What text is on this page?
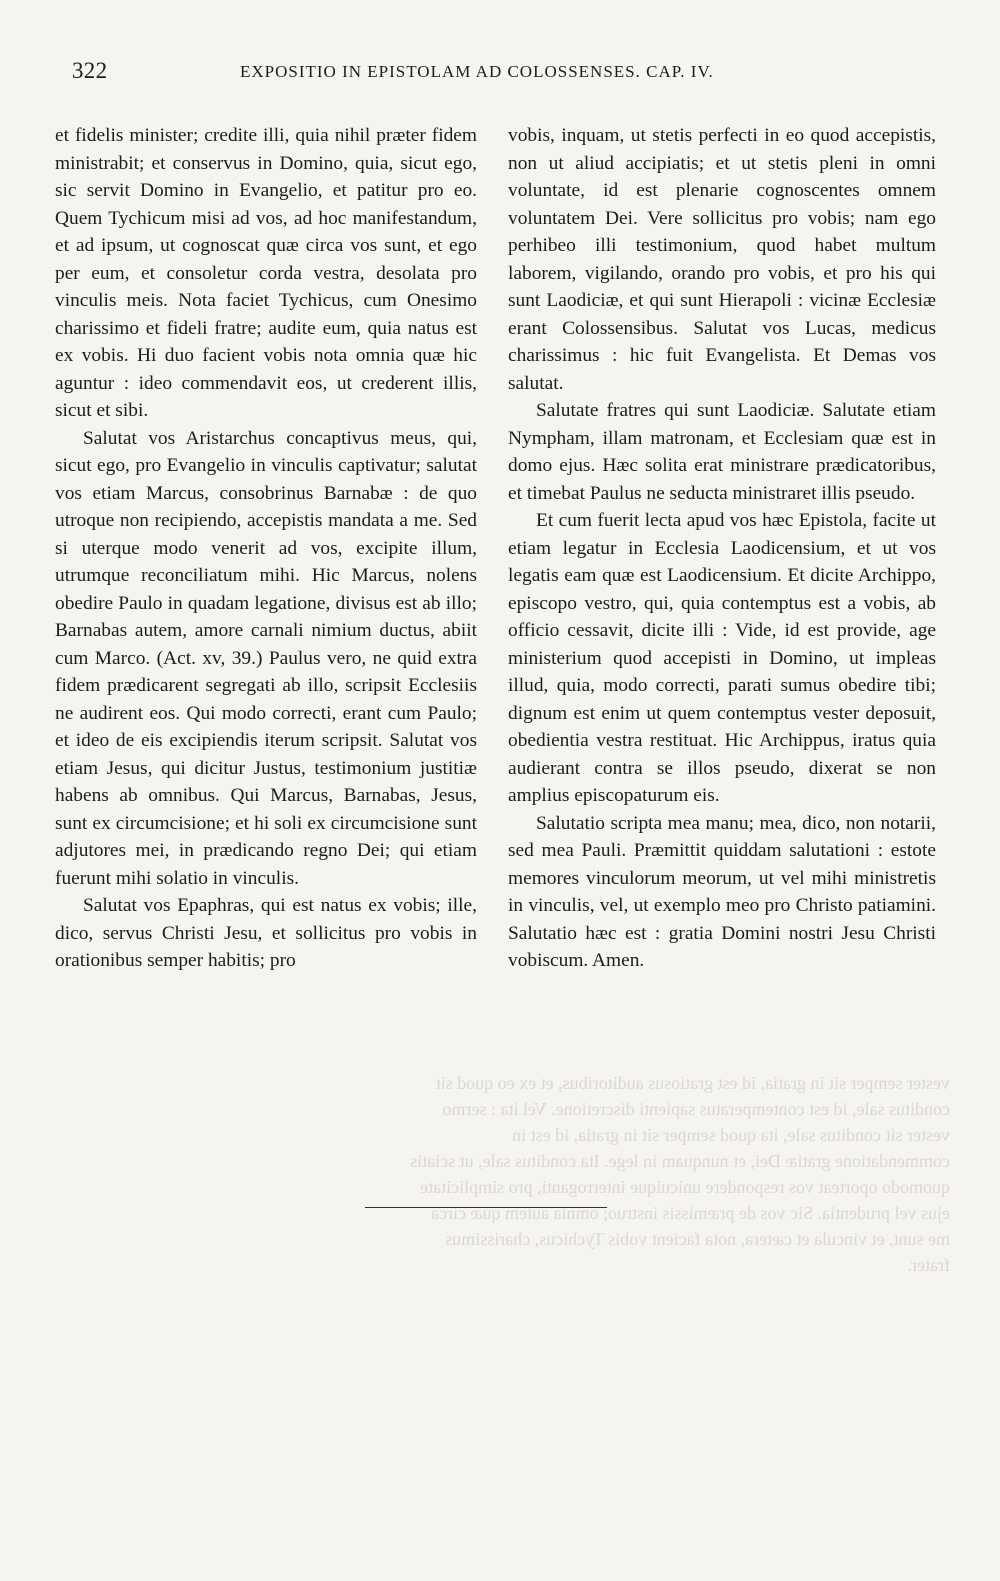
322	EXPOSITIO IN EPISTOLAM AD COLOSSENSES. CAP. IV.
vester semper sit in gratia, id est gratiosus auditoribus, et ex eo quod sit conditus sale, id est contemperatus sapienti discretione. Vel ita : sermo vester sit conditus sale, ita quod semper sit in gratia, id est in commendatione gratiæ Dei, et nunquam in lege. Ita conditus sale, ut sciatis quomodo oporteat vos respondere unicuique interroganti, pro simplicitate ejus vel prudentia. Sic vos de præmissis instruo; omnia autem quæ circa me sunt, et vincula et cætera, nota facient vobis Tychicus, charissimus frater.

et fidelis minister; credite illi, quia nihil præter fidem ministrabit; et conservus in Domino, quia, sicut ego, sic servit Domino in Evangelio, et patitur pro eo. Quem Tychicum misi ad vos, ad hoc manifestandum, et ad ipsum, ut cognoscat quæ circa vos sunt, et ego per eum, et consoletur corda vestra, desolata pro vinculis meis. Nota faciet Tychicus, cum Onesimo charissimo et fideli fratre; audite eum, quia natus est ex vobis. Hi duo facient vobis nota omnia quæ hic aguntur : ideo commendavit eos, ut crederent illis, sicut et sibi.

Salutat vos Aristarchus concaptivus meus, qui, sicut ego, pro Evangelio in vinculis captivatur; salutat vos etiam Marcus, consobrinus Barnabæ : de quo utroque non recipiendo, accepistis mandata a me. Sed si uterque modo venerit ad vos, excipite illum, utrumque reconciliatum mihi. Hic Marcus, nolens obedire Paulo in quadam legatione, divisus est ab illo; Barnabas autem, amore carnali nimium ductus, abiit cum Marco. (Act. xv, 39.) Paulus vero, ne quid extra fidem prædicarent segregati ab illo, scripsit Ecclesiis ne audirent eos. Qui modo correcti, erant cum Paulo; et ideo de eis excipiendis iterum scripsit. Salutat vos etiam Jesus, qui dicitur Justus, testimonium justitiæ habens ab omnibus. Qui Marcus, Barnabas, Jesus, sunt ex circumcisione; et hi soli ex circumcisione sunt adjutores mei, in prædicando regno Dei; qui etiam fuerunt mihi solatio in vinculis.

Salutat vos Epaphras, qui est natus ex vobis; ille, dico, servus Christi Jesu, et sollicitus pro vobis in orationibus semper habitis; pro

vobis, inquam, ut stetis perfecti in eo quod accepistis, non ut aliud accipiatis; et ut stetis pleni in omni voluntate, id est plenarie cognoscentes omnem voluntatem Dei. Vere sollicitus pro vobis; nam ego perhibeo illi testimonium, quod habet multum laborem, vigilando, orando pro vobis, et pro his qui sunt Laodiciæ, et qui sunt Hierapoli : vicinæ Ecclesiæ erant Colossensibus. Salutat vos Lucas, medicus charissimus : hic fuit Evangelista. Et Demas vos salutat.

Salutate fratres qui sunt Laodiciæ. Salutate etiam Nympham, illam matronam, et Ecclesiam quæ est in domo ejus. Hæc solita erat ministrare prædicatoribus, et timebat Paulus ne seducta ministraret illis pseudo.

Et cum fuerit lecta apud vos hæc Epistola, facite ut etiam legatur in Ecclesia Laodicensium, et ut vos legatis eam quæ est Laodicensium. Et dicite Archippo, episcopo vestro, qui, quia contemptus est a vobis, ab officio cessavit, dicite illi : Vide, id est provide, age ministerium quod accepisti in Domino, ut impleas illud, quia, modo correcti, parati sumus obedire tibi; dignum est enim ut quem contemptus vester deposuit, obedientia vestra restituat. Hic Archippus, iratus quia audierant contra se illos pseudo, dixerat se non amplius episcopaturum eis.

Salutatio scripta mea manu; mea, dico, non notarii, sed mea Pauli. Præmittit quiddam salutationi : estote memores vinculorum meorum, ut vel mihi ministretis in vinculis, vel, ut exemplo meo pro Christo patiamini. Salutatio hæc est : gratia Domini nostri Jesu Christi vobiscum. Amen.
